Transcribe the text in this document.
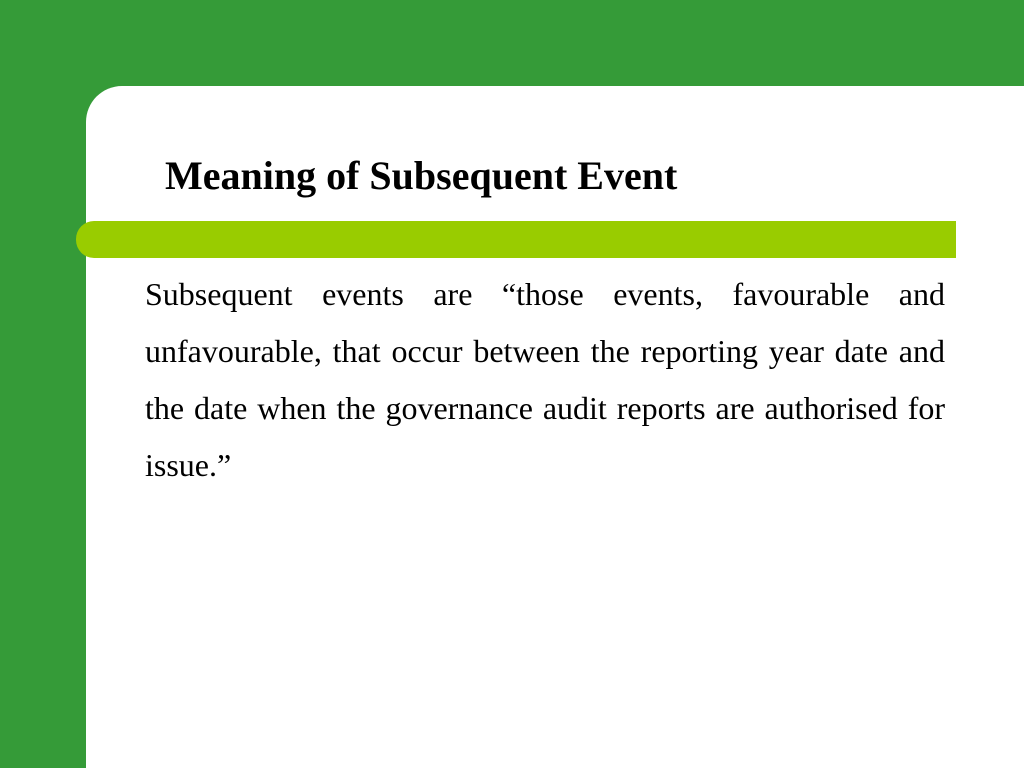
Meaning of Subsequent Event

Subsequent events are “those events, favourable and unfavourable, that occur between the reporting year date and the date when the governance audit reports are authorised for issue.”
